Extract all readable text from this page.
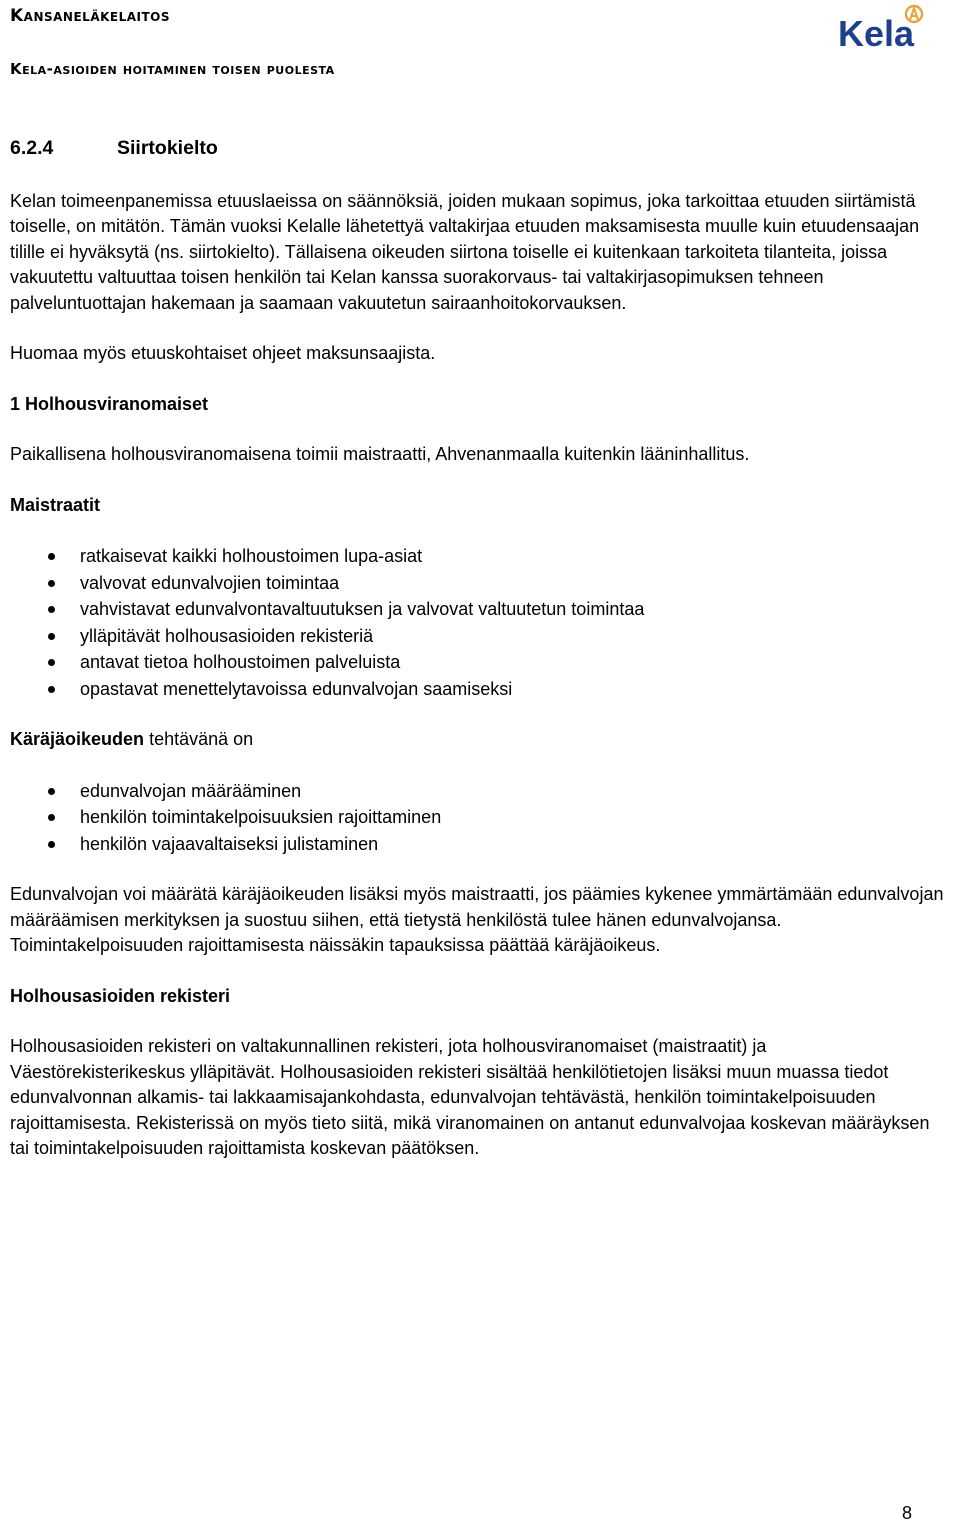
Kansaneläkelaitos
Kela-asioiden hoitaminen toisen puolesta
Kela
6.2.4	Siirtokielto

Kelan toimeenpanemissa etuuslaeissa on säännöksiä, joiden mukaan sopimus, joka tarkoittaa etuuden siirtämistä toiselle, on mitätön. Tämän vuoksi Kelalle lähetettyä valtakirjaa etuuden maksamisesta muulle kuin etuudensaajan tilille ei hyväksytä (ns. siirtokielto). Tällaisena oikeuden siirtona toiselle ei kuitenkaan tarkoiteta tilanteita, joissa vakuutettu valtuuttaa toisen henkilön tai Kelan kanssa suorakorvaus- tai valtakirjasopimuksen tehneen palveluntuottajan hakemaan ja saamaan vakuutetun sairaanhoitokorvauksen.

Huomaa myös etuuskohtaiset ohjeet maksunsaajista.

1 Holhousviranomaiset

Paikallisena holhousviranomaisena toimii maistraatti, Ahvenanmaalla kuitenkin lääninhallitus.

Maistraatit
ratkaisevat kaikki holhoustoimen lupa-asiat
valvovat edunvalvojien toimintaa
vahvistavat edunvalvontavaltuutuksen ja valvovat valtuutetun toimintaa
ylläpitävät holhousasioiden rekisteriä
antavat tietoa holhoustoimen palveluista
opastavat menettelytavoissa edunvalvojan saamiseksi

Käräjäoikeuden tehtävänä on

edunvalvojan määrääminen
henkilön toimintakelpoisuuksien rajoittaminen
henkilön vajaavaltaiseksi julistaminen

Edunvalvojan voi määrätä käräjäoikeuden lisäksi myös maistraatti, jos päämies kykenee ymmärtämään edunvalvojan määräämisen merkityksen ja suostuu siihen, että tietystä henkilöstä tulee hänen edunvalvojansa. Toimintakelpoisuuden rajoittamisesta näissäkin tapauksissa päättää käräjäoikeus.

Holhousasioiden rekisteri

Holhousasioiden rekisteri on valtakunnallinen rekisteri, jota holhousviranomaiset (maistraatit) ja Väestörekisterikeskus ylläpitävät. Holhousasioiden rekisteri sisältää henkilötietojen lisäksi muun muassa tiedot edunvalvonnan alkamis- tai lakkaamisajankohdasta, edunvalvojan tehtävästä, henkilön toimintakelpoisuuden rajoittamisesta. Rekisterissä on myös tieto siitä, mikä viranomainen on antanut edunvalvojaa koskevan määräyksen tai toimintakelpoisuuden rajoittamista koskevan päätöksen.

8
